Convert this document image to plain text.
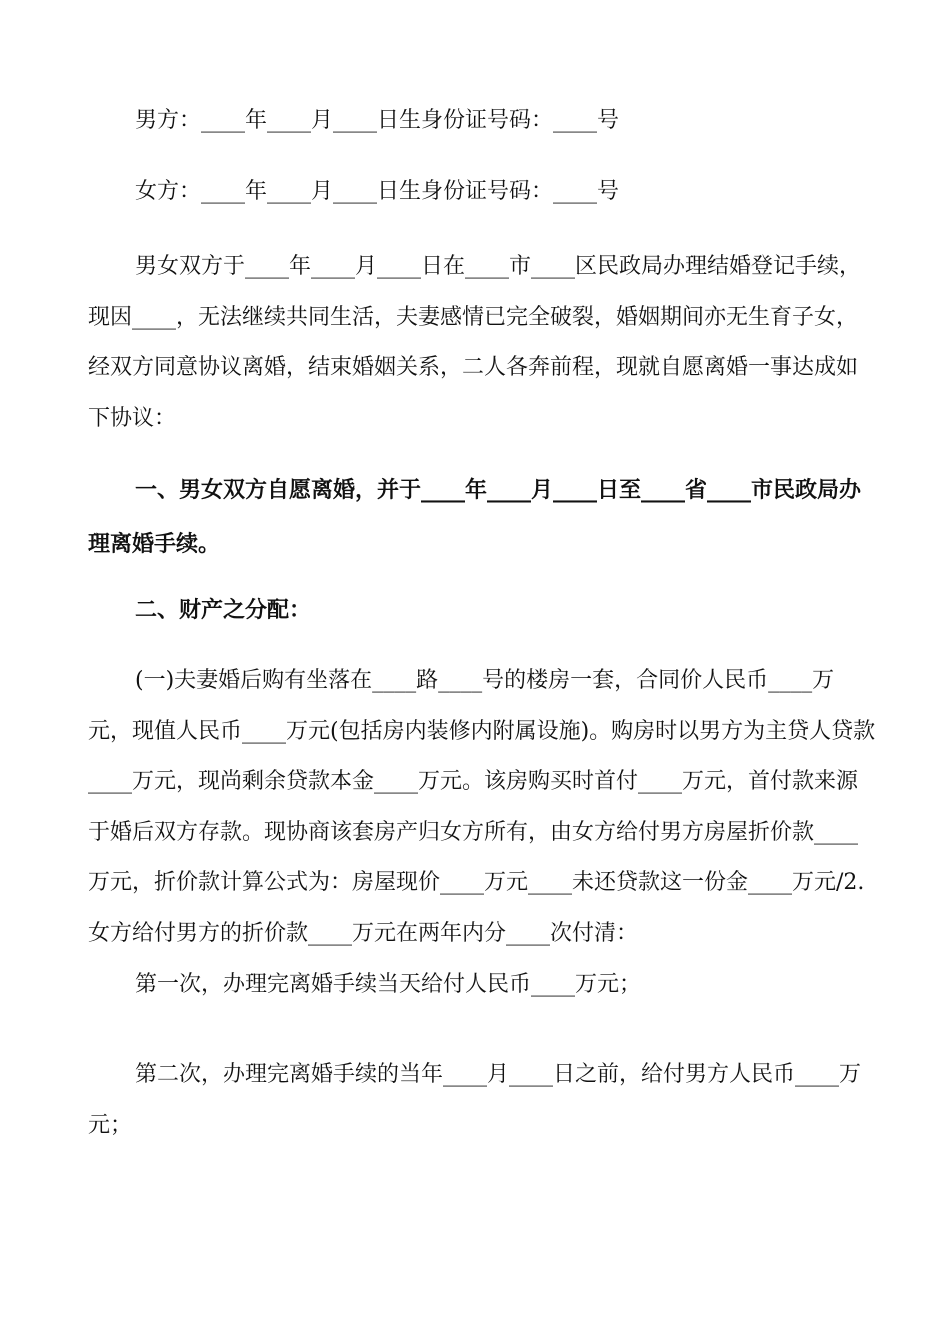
男方：____年____月____日生身份证号码：____号

女方：____年____月____日生身份证号码：____号

男女双方于____年____月____日在____市____区民政局办理结婚登记手续，现因____，无法继续共同生活，夫妻感情已完全破裂，婚姻期间亦无生育子女，经双方同意协议离婚，结束婚姻关系，二人各奔前程，现就自愿离婚一事达成如下协议：

一、男女双方自愿离婚，并于____年____月____日至____省____市民政局办理离婚手续。

二、财产之分配：

(一)夫妻婚后购有坐落在____路____号的楼房一套，合同价人民币____万元，现值人民币____万元(包括房内装修内附属设施)。购房时以男方为主贷人贷款____万元，现尚剩余贷款本金____万元。该房购买时首付____万元，首付款来源于婚后双方存款。现协商该套房产归女方所有，由女方给付男方房屋折价款____万元，折价款计算公式为：房屋现价____万元____未还贷款这一份金____万元/2.女方给付男方的折价款____万元在两年内分____次付清：

第一次，办理完离婚手续当天给付人民币____万元；

第二次，办理完离婚手续的当年____月____日之前，给付男方人民币____万元；
